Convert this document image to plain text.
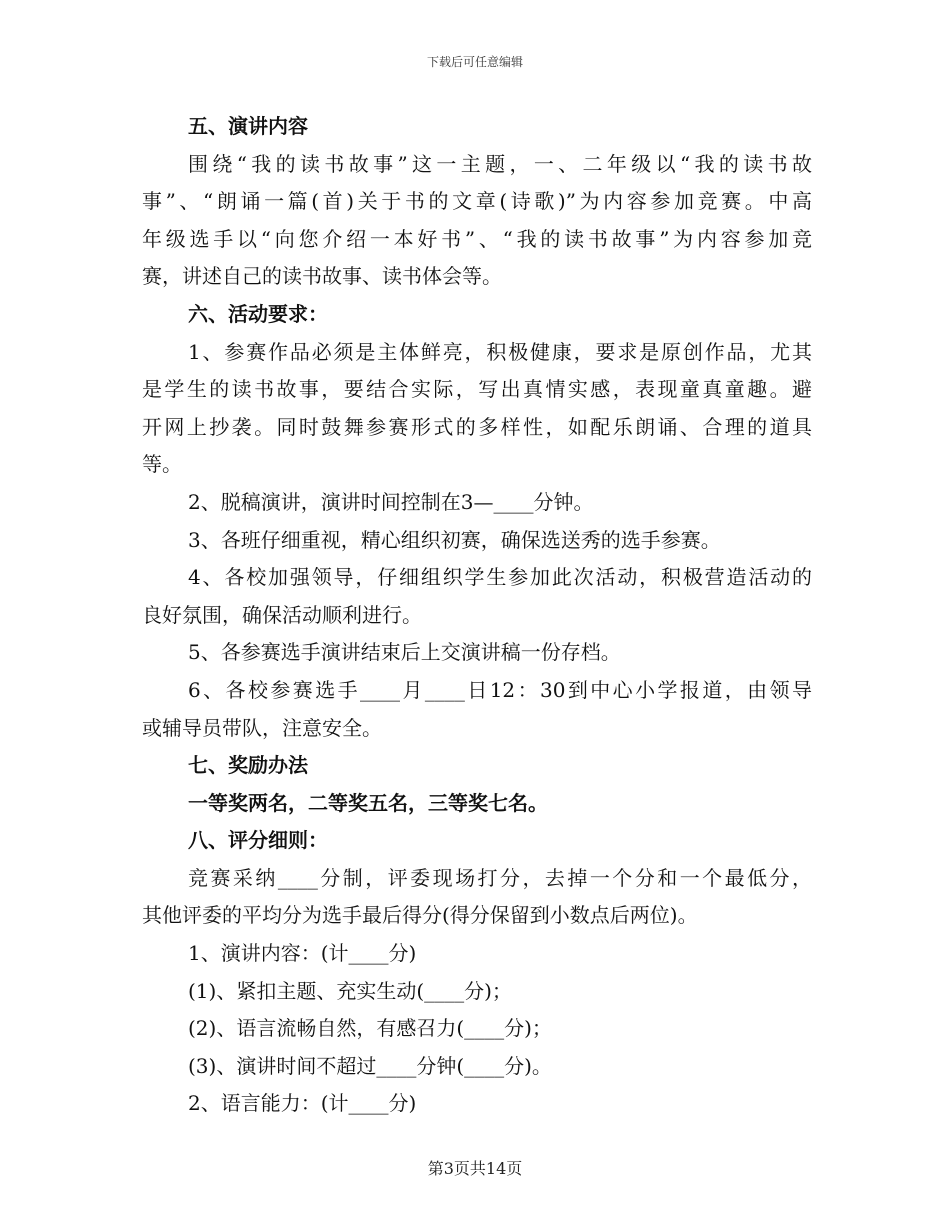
下载后可任意编辑
五、演讲内容
围绕“我的读书故事”这一主题，一、二年级以“我的读书故
事”、“朗诵一篇(首)关于书的文章(诗歌)”为内容参加竞赛。中高
年级选手以“向您介绍一本好书”、“我的读书故事”为内容参加竞
赛，讲述自己的读书故事、读书体会等。
六、活动要求：
1、参赛作品必须是主体鲜亮，积极健康，要求是原创作品，尤其
是学生的读书故事，要结合实际，写出真情实感，表现童真童趣。避
开网上抄袭。同时鼓舞参赛形式的多样性，如配乐朗诵、合理的道具
等。
2、脱稿演讲，演讲时间控制在3—____分钟。
3、各班仔细重视，精心组织初赛，确保选送秀的选手参赛。
4、各校加强领导，仔细组织学生参加此次活动，积极营造活动的
良好氛围，确保活动顺利进行。
5、各参赛选手演讲结束后上交演讲稿一份存档。
6、各校参赛选手____月____日12：30到中心小学报道，由领导
或辅导员带队，注意安全。
七、奖励办法
一等奖两名，二等奖五名，三等奖七名。
八、评分细则：
竞赛采纳____分制，评委现场打分，去掉一个分和一个最低分，
其他评委的平均分为选手最后得分(得分保留到小数点后两位)。
1、演讲内容：(计____分)
(1)、紧扣主题、充实生动(____分)；
(2)、语言流畅自然，有感召力(____分)；
(3)、演讲时间不超过____分钟(____分)。
2、语言能力：(计____分)
第3页共14页
